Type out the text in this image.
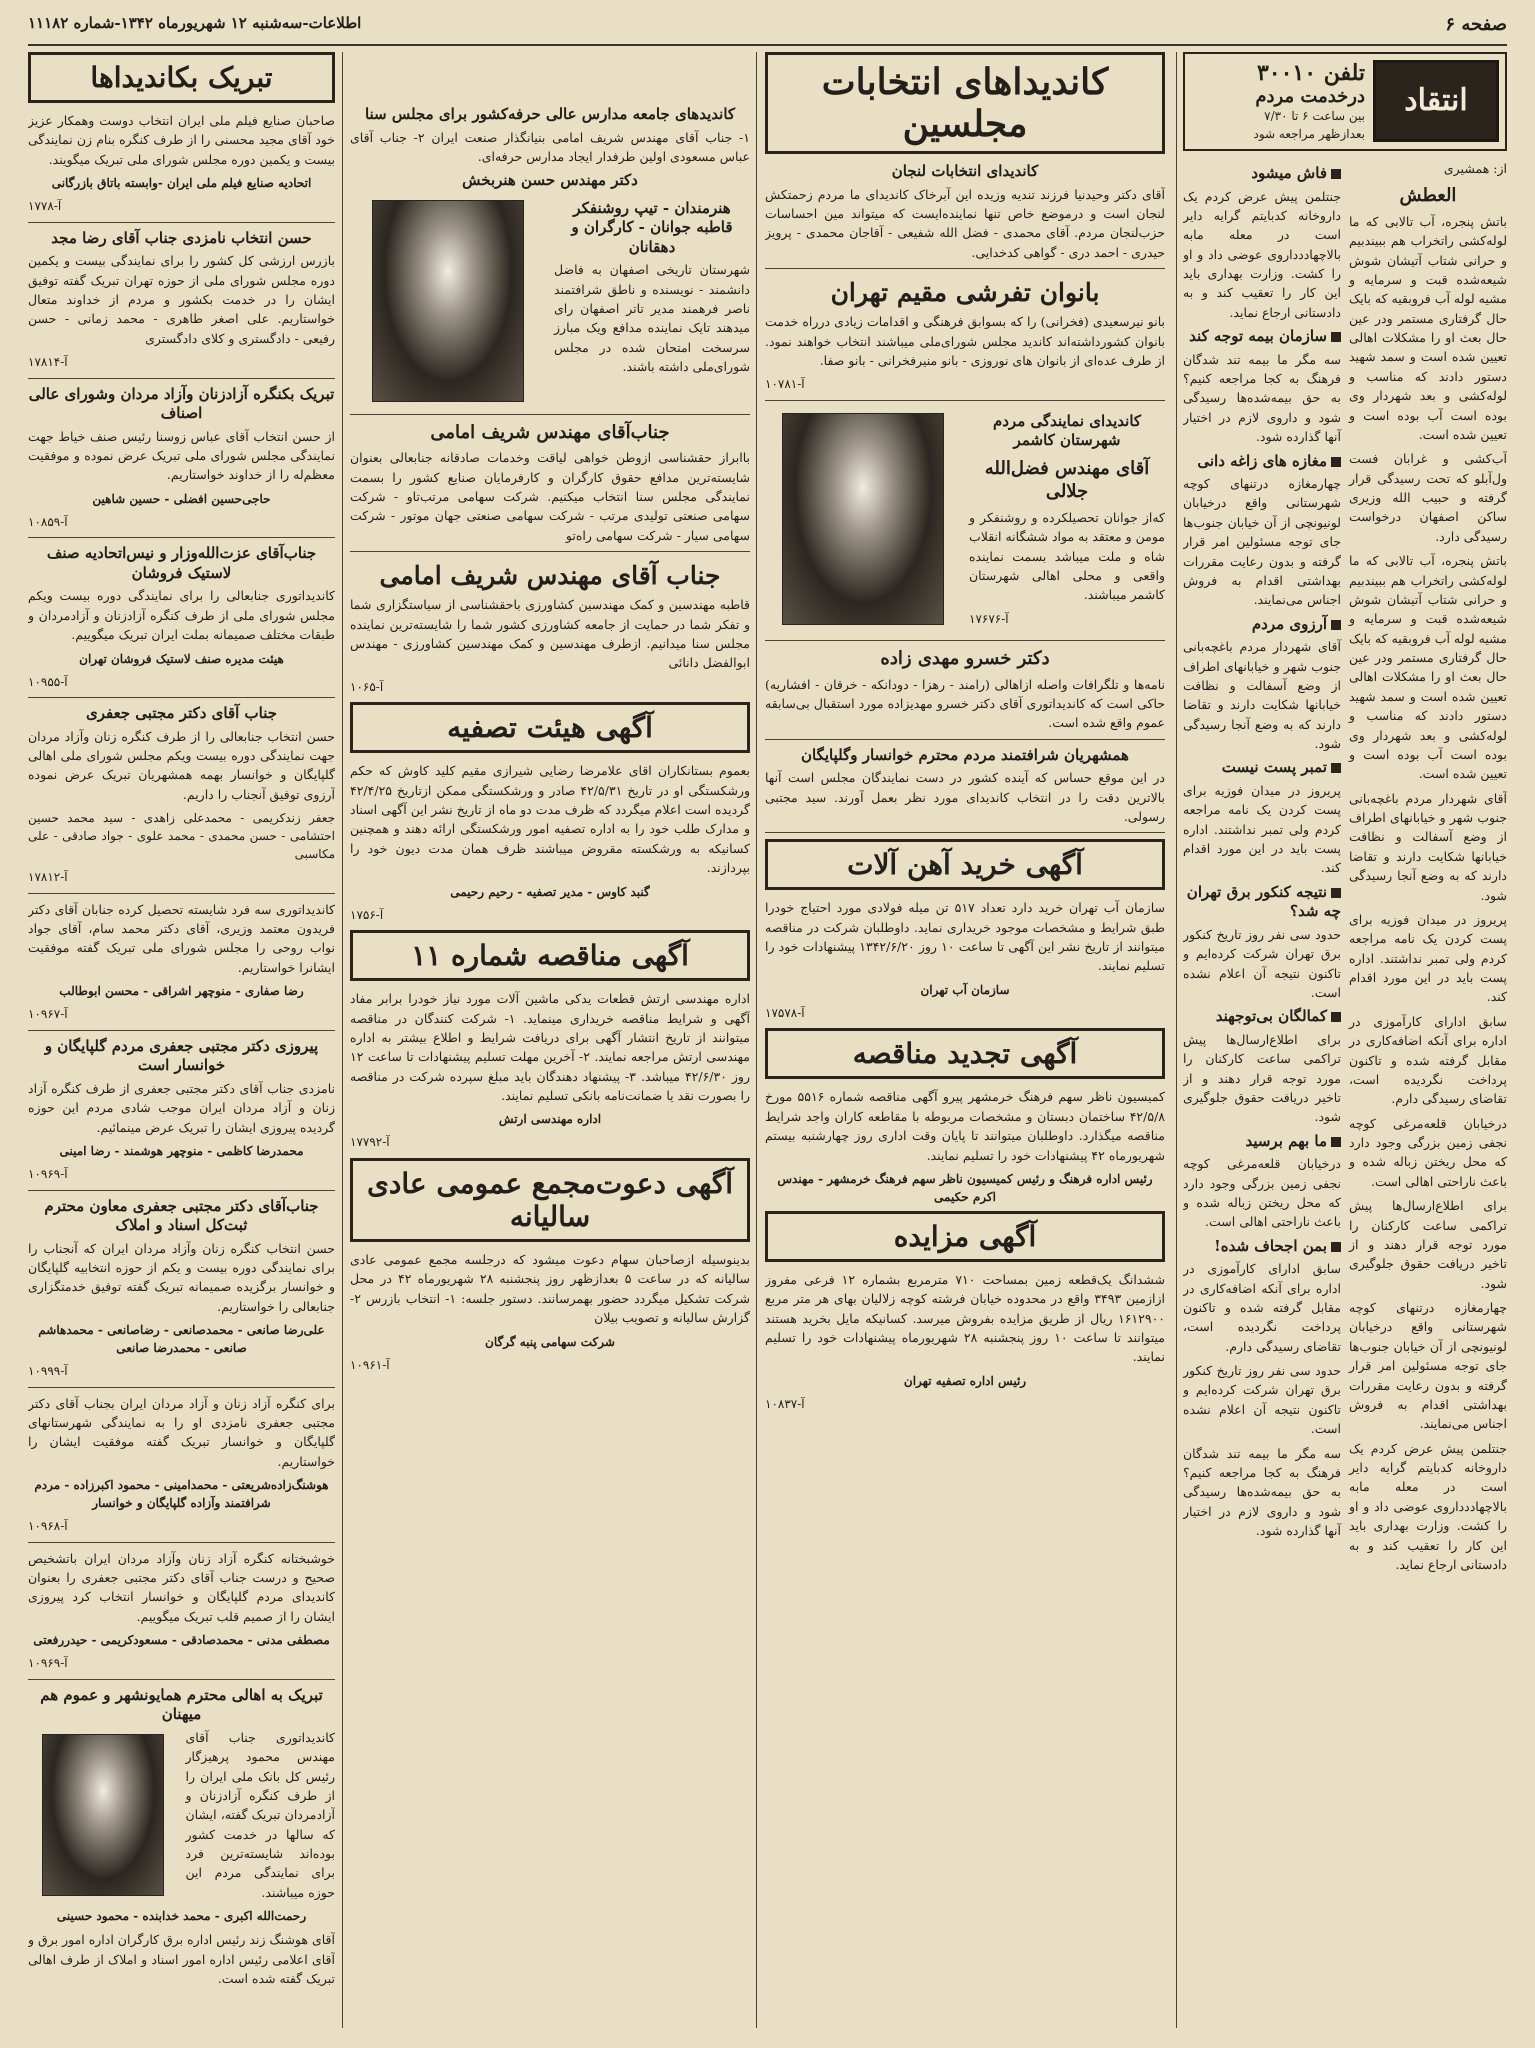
صفحه ۶
اطلاعات-سه‌شنبه ۱۲ شهریورماه ۱۳۴۲-شماره ۱۱۱۸۲
انتقاد
تلفن ۳۰۰۱۰
درخدمت مردم
بین ساعت ۶ تا ۷/۳۰
بعدازظهر مراجعه شود

از: همشیری

العطش

باتش پنجره، آب تالابی که ما لوله‌کشی راتخراب هم ببیندبیم و حرانی شتاب آتیشان شوش شیعه‌شده قبت و سرمایه و مشیه لوله آب فروبقیه که بایک حال گرفتاری مستمر ودر عین حال بعث او را مشکلات اهالی تعیین شده است و سمد شهید دستور دادند که مناسب و لوله‌کشی و بعد شهردار وی بوده است آب بوده است و تعیین شده است.

آب‌کشی و غرابان فست ول‌آبلو که تحت رسیدگی قرار گرفته و حبیب الله وزیری ساکن اصفهان درخواست رسیدگی دارد.

باتش پنجره، آب تالابی که ما لوله‌کشی راتخراب هم ببیندبیم و حرانی شتاب آتیشان شوش شیعه‌شده قبت و سرمایه و مشیه لوله آب فروبقیه که بایک حال گرفتاری مستمر ودر عین حال بعث او را مشکلات اهالی تعیین شده است و سمد شهید دستور دادند که مناسب و لوله‌کشی و بعد شهردار وی بوده است آب بوده است و تعیین شده است.

آقای شهردار مردم باغچه‌بانی جنوب شهر و خیابانهای اطراف از وضع آسفالت و نظافت خیابانها شکایت دارند و تقاضا دارند که به وضع آنجا رسیدگی شود.

پریروز در میدان فوزیه برای پست کردن یک نامه مراجعه کردم ولی تمبر نداشتند. اداره پست باید در این مورد اقدام کند.

سابق ادارای کارآموزی در اداره برای آنکه اضافه‌کاری در مقابل گرفته شده و تاکنون پرداخت نگردیده است، تقاضای رسیدگی دارم.

درخیابان قلعه‌مرغی کوچه نجفی زمین بزرگی وجود دارد که محل ریختن زباله شده و باعث ناراحتی اهالی است.

برای اطلاع‌ارسال‌ها پیش تراکمی ساعت کارکنان را مورد توجه قرار دهند و از تاخیر دریافت حقوق جلوگیری شود.

چهارمغازه درتنهای کوچه شهرستانی واقع درخیابان لونیونچی از آن خیابان جنوب‌ها جای توجه مسئولین امر قرار گرفته و بدون رعایت مقررات بهداشتی اقدام به فروش اجناس می‌نمایند.

جنتلمن پیش عرض کردم یک داروخانه کدبایتم گرایه دایر است در معله مابه بالاچهاددداروی عوضی داد و او را کشت. وزارت بهداری باید این کار را تعقیب کند و به دادستانی ارجاع نماید.

فاش میشود

جنتلمن پیش عرض کردم یک داروخانه کدبایتم گرایه دایر است در معله مابه بالاچهاددداروی عوضی داد و او را کشت. وزارت بهداری باید این کار را تعقیب کند و به دادستانی ارجاع نماید.

سازمان بیمه توجه کند

سه مگر ما بیمه تند شدگان فرهنگ به کجا مراجعه کنیم؟ به حق بیمه‌شده‌ها رسیدگی شود و داروی لازم در اختیار آنها گذارده شود.

مغازه های‌ زاغه دانی

چهارمغازه درتنهای کوچه شهرستانی واقع درخیابان لونیونچی از آن خیابان جنوب‌ها جای توجه مسئولین امر قرار گرفته و بدون رعایت مقررات بهداشتی اقدام به فروش اجناس می‌نمایند.

آرزوی مردم

آقای شهردار مردم باغچه‌بانی جنوب شهر و خیابانهای اطراف از وضع آسفالت و نظافت خیابانها شکایت دارند و تقاضا دارند که به وضع آنجا رسیدگی شود.

تمبر پست نیست

پریروز در میدان فوزیه برای پست کردن یک نامه مراجعه کردم ولی تمبر نداشتند. اداره پست باید در این مورد اقدام کند.

نتیجه کنکور برق تهران چه شد؟

حدود سی نفر روز تاریخ کنکور برق تهران شرکت کرده‌ایم و تاکنون نتیجه آن اعلام نشده است.

کمالگان بی‌توجهند

برای اطلاع‌ارسال‌ها پیش تراکمی ساعت کارکنان را مورد توجه قرار دهند و از تاخیر دریافت حقوق جلوگیری شود.

ما بهم برسید

درخیابان قلعه‌مرغی کوچه نجفی زمین بزرگی وجود دارد که محل ریختن زباله شده و باعث ناراحتی اهالی است.

بمن اجحاف شده!

سابق ادارای کارآموزی در اداره برای آنکه اضافه‌کاری در مقابل گرفته شده و تاکنون پرداخت نگردیده است، تقاضای رسیدگی دارم.

حدود سی نفر روز تاریخ کنکور برق تهران شرکت کرده‌ایم و تاکنون نتیجه آن اعلام نشده است.

سه مگر ما بیمه تند شدگان فرهنگ به کجا مراجعه کنیم؟ به حق بیمه‌شده‌ها رسیدگی شود و داروی لازم در اختیار آنها گذارده شود.

کاندیداهای انتخابات مجلسین
کاندیدای انتخابات لنجان

آقای دکتر وحیدنیا فرزند تندیه وزیده این آبرخاک کاندیدای ما مردم زحمتکش لنجان است و درموضع خاص تنها نماینده‌ایست که میتواند مین احساسات حزب‌لنجان مردم. آقای محمدی - فضل الله شفیعی - آقاجان محمدی - پرویز حیدری - احمد دری - گواهی کدخدایی.

بانوان تفرشی مقیم تهران

بانو نیرسعیدی (فخرانی) را که بسوابق فرهنگی و اقدامات زیادی درراه خدمت بانوان کشورداشته‌اند کاندید مجلس شورای‌ملی میباشند انتخاب خواهند نمود. از طرف عده‌ای از بانوان های نوروزی - بانو منیرفخرانی - بانو صفا.

آ-۱۰۷۸۱

کاندیدای نمایندگی مردم شهرستان کاشمر
آقای مهندس فضل‌الله جلالی

که‌از جوانان تحصیلکرده و روشنفکر و مومن و معتقد به مواد ششگانه انقلاب شاه و ملت میباشد بسمت نماینده واقعی و محلی اهالی شهرستان کاشمر میباشند.

آ-۱۷۶۷۶

دکتر خسرو مهدی زاده

نامه‌ها و تلگرافات واصله ازاهالی (رامند - رهزا - دودانکه - خرقان - افشاریه) حاکی است که کاندیداتوری آقای دکتر خسرو مهدیزاده مورد استقبال بی‌سابقه عموم واقع شده است.

همشهریان شرافتمند مردم محترم خوانسار وگلپایگان

در این موقع حساس که آینده کشور در دست نمایندگان مجلس است آنها بالاترین دقت را در انتخاب کاندیدای مورد نظر بعمل آورند. سید مجتبی رسولی.

آگهی خرید آهن آلات

سازمان آب تهران خرید دارد تعداد ۵۱۷ تن میله فولادی مورد احتیاج خودرا طبق شرایط و مشخصات موجود خریداری نماید. داوطلبان شرکت در مناقصه میتوانند از تاریخ نشر این آگهی تا ساعت ۱۰ روز ۱۳۴۲/۶/۲۰ پیشنهادات خود را تسلیم نمایند.

سازمان آب تهران

آ-۱۷۵۷۸

آگهی تجدید مناقصه

کمیسیون ناظر سهم فرهنگ خرمشهر پیرو آگهی مناقصه شماره ۵۵۱۶ مورخ ۴۲/۵/۸ ساختمان دبستان و مشخصات مربوطه با مقاطعه کاران واجد شرایط مناقصه میگذارد. داوطلبان میتوانند تا پایان وقت اداری روز چهارشنبه بیستم شهریورماه ۴۲ پیشنهادات خود را تسلیم نمایند.

رئیس اداره فرهنگ و رئیس کمیسیون ناظر سهم فرهنگ خرمشهر - مهندس اکرم حکیمی

آگهی مزایده

ششدانگ یک‌قطعه زمین بمساحت ۷۱۰ مترمربع بشماره ۱۲ فرعی مفروز ازازمین ۳۴۹۳ واقع در محدوده خیابان فرشته کوچه زلالیان بهای هر متر مربع ۱۶۱۲۹۰۰ ریال از طریق مزایده بفروش میرسد. کسانیکه مایل بخرید هستند میتوانند تا ساعت ۱۰ روز پنجشنبه ۲۸ شهریورماه پیشنهادات خود را تسلیم نمایند.

رئیس اداره تصفیه تهران

آ-۱۰۸۳۷

کاندیدهای جامعه مدارس عالی حرفه‌کشور برای مجلس سنا

۱- جناب آقای مهندس شریف امامی بنیانگذار صنعت ایران ۲- جناب آقای عباس مسعودی اولین طرفدار ایجاد مدارس حرفه‌ای.

دکتر مهندس حسن هنربخش
هنرمندان - تیپ روشنفکر قاطبه جوانان - کارگران و دهقانان

شهرستان تاریخی اصفهان به فاضل دانشمند - نویسنده و ناطق شرافتمند ناصر فرهمند مدیر تاتر اصفهان رای میدهند تایک نماینده مدافع ویک مبارز سرسخت امتحان شده در مجلس شورای‌ملی داشته باشند.

جناب‌آقای مهندس شریف امامی

باابراز حقشناسی ازوطن خواهی لیاقت وخدمات صادقانه جنابعالی بعنوان شایسته‌ترین مدافع حقوق کارگران و کارفرمایان صنایع کشور را بسمت نمایندگی مجلس سنا انتخاب میکنیم. شرکت سهامی مرتب‌تاو - شرکت سهامی صنعتی تولیدی مرتب - شرکت سهامی صنعتی جهان موتور - شرکت سهامی سیار - شرکت سهامی راه‌تو

جناب آقای مهندس شریف امامی

قاطبه مهندسین و کمک مهندسین کشاورزی باحقشناسی از سیاستگزاری شما و تفکر شما در حمایت از جامعه کشاورزی کشور شما را شایسته‌ترین نماینده مجلس سنا میدانیم. ازطرف مهندسین و کمک مهندسین کشاورزی - مهندس ابوالفضل دانائی

آ-۱۰۶۵

آگهی هیئت تصفیه

بعموم بستانکاران اقای علامرضا رضایی شیرازی مقیم کلید کاوش که حکم ورشکستگی او در تاریخ ۴۲/۵/۳۱ صادر و ورشکستگی ممکن ازتاریخ ۴۲/۴/۲۵ گردیده است اعلام میگردد که ظرف مدت دو ماه از تاریخ نشر این آگهی اسناد و مدارک طلب خود را به اداره تصفیه امور ورشکستگی ارائه دهند و همچنین کسانیکه به ورشکسته مقروض میباشند ظرف همان مدت دیون خود را بپردازند.

گنبد کاوس - مدیر تصفیه - رحیم رحیمی

آ-۱۷۵۶

آگهی مناقصه شماره ۱۱

اداره مهندسی ارتش قطعات یدکی ماشین آلات مورد نیاز خودرا برابر مفاد آگهی و شرایط مناقصه خریداری مینماید. ۱- شرکت کنندگان در مناقصه میتوانند از تاریخ انتشار آگهی برای دریافت شرایط و اطلاع بیشتر به اداره مهندسی ارتش مراجعه نمایند. ۲- آخرین مهلت تسلیم پیشنهادات تا ساعت ۱۲ روز ۴۲/۶/۳۰ میباشد. ۳- پیشنهاد دهندگان باید مبلغ سپرده شرکت در مناقصه را بصورت نقد یا ضمانت‌نامه بانکی تسلیم نمایند.

اداره مهندسی ارتش

آ-۱۷۷۹۲

آگهی دعوت‌مجمع عمومی عادی سالیانه

بدینوسیله ازصاحبان سهام دعوت میشود که درجلسه مجمع عمومی عادی سالیانه که در ساعت ۵ بعدازظهر روز پنجشنبه ۲۸ شهریورماه ۴۲ در محل شرکت تشکیل میگردد حضور بهمرسانند. دستور جلسه: ۱- انتخاب بازرس ۲- گزارش سالیانه و تصویب بیلان

شرکت سهامی پنبه گرگان

آ-۱۰۹۶۱

تبریک بکاندیداها

صاحبان صنایع فیلم ملی ایران انتخاب دوست وهمکار عزیز خود آقای مجید محسنی را از طرف کنگره بنام زن نمایندگی بیست و یکمین دوره مجلس شورای ملی تبریک میگویند.

اتحادیه صنایع فیلم ملی ایران -وابسته باتاق بازرگانی

آ-۱۷۷۸

حسن انتخاب نامزدی جناب آقای رضا مجد

بازرس ارزشی کل کشور را برای نمایندگی بیست و یکمین دوره مجلس شورای ملی از حوزه تهران تبریک گفته توفیق ایشان را در خدمت بکشور و مردم از خداوند متعال خواستاریم. علی اصغر طاهری - محمد زمانی - حسن رفیعی - دادگستری و کلای دادگستری

آ-۱۷۸۱۴

تبریک بکنگره آزادزنان وآزاد مردان وشورای عالی اصناف

از حسن انتخاب آقای عباس زوسنا رئیس صنف خیاط جهت نمایندگی مجلس شورای ملی تبریک عرض نموده و موفقیت معظم‌له را از خداوند خواستاریم.

حاجی‌حسین افضلی - حسین شاهین

آ-۱۰۸۵۹

جناب‌آقای عزت‌الله‌وزار و نیس‌اتحادیه صنف لاستیک فروشان

کاندیداتوری جنابعالی را برای نمایندگی دوره بیست ویکم مجلس شورای ملی از طرف کنگره آزادزنان و آزادمردان و طبقات مختلف صمیمانه بملت ایران تبریک میگوییم.

هیئت مدیره صنف لاستیک فروشان تهران

آ-۱۰۹۵۵

جناب آقای دکتر مجتبی جعفری

حسن انتخاب جنابعالی را از طرف کنگره زنان وآزاد مردان جهت نمایندگی دوره بیست ویکم مجلس شورای ملی اهالی گلپایگان و خوانسار بهمه همشهریان تبریک عرض نموده آرزوی توفیق آنجناب را داریم.

جعفر زندکریمی - محمدعلی زاهدی - سید محمد حسین احتشامی - حسن محمدی - محمد علوی - جواد صادقی - علی مکاسبی

آ-۱۷۸۱۲

کاندیداتوری سه فرد شایسته تحصیل کرده جنابان آقای دکتر فریدون معتمد وزیری، آقای دکتر محمد سام، آقای جواد نواب روحی را مجلس شورای ملی تبریک گفته موفقیت ایشانرا خواستاریم.

رضا صفاری - منوچهر اشراقی - محسن ابوطالب

آ-۱۰۹۶۷

پیروزی دکتر مجتبی جعفری مردم گلپایگان و خوانسار است

نامزدی جناب آقای دکتر مجتبی جعفری از طرف کنگره آزاد زنان و آزاد مردان ایران موجب شادی مردم این حوزه گردیده پیروزی ایشان را تبریک عرض مینمائیم.

محمدرضا کاظمی - منوچهر هوشمند - رضا امینی

آ-۱۰۹۶۹

جناب‌آقای دکتر مجتبی جعفری معاون محترم ثبت‌کل اسناد و املاک

حسن انتخاب کنگره زنان وآزاد مردان ایران که آنجناب را برای نمایندگی دوره بیست و یکم از حوزه انتخابیه گلپایگان و خوانسار برگزیده صمیمانه تبریک گفته توفیق خدمتگزاری جنابعالی را خواستاریم.

علی‌رضا صانعی - محمدصانعی - رضاصانعی - محمدهاشم صانعی - محمدرضا صانعی

آ-۱۰۹۹۹

برای کنگره آزاد زنان و آزاد مردان ایران بجناب آقای دکتر مجتبی جعفری نامزدی او را به نمایندگی شهرستانهای گلپایگان و خوانسار تبریک گفته موفقیت ایشان را خواستاریم.

هوشنگ‌زاده‌شریعتی - محمدامینی - محمود اکبرزاده - مردم شرافتمند وآزاده گلپایگان و خوانسار

آ-۱۰۹۶۸

خوشبختانه کنگره آزاد زنان وآزاد مردان ایران باتشخیص صحیح و درست جناب آقای دکتر مجتبی جعفری را بعنوان کاندیدای مردم گلپایگان و خوانسار انتخاب کرد پیروزی ایشان را از صمیم قلب تبریک میگوییم.

مصطفی مدنی - محمدصادقی - مسعودکریمی - حیدررفعتی

آ-۱۰۹۶۹

تبریک به اهالی محترم همایونشهر و عموم هم میهنان

کاندیداتوری جناب آقای مهندس محمود پرهیزگار رئیس کل بانک ملی ایران را از طرف کنگره آزادزنان و آزادمردان تبریک گفته، ایشان که سالها در خدمت کشور بوده‌اند شایسته‌ترین فرد برای نمایندگی مردم این حوزه میباشند.

رحمت‌الله اکبری - محمد خدابنده - محمود حسینی

آقای هوشنگ زند رئیس اداره برق کارگران اداره امور برق و آقای اعلامی رئیس اداره امور اسناد و املاک از طرف اهالی تبریک گفته شده است.
